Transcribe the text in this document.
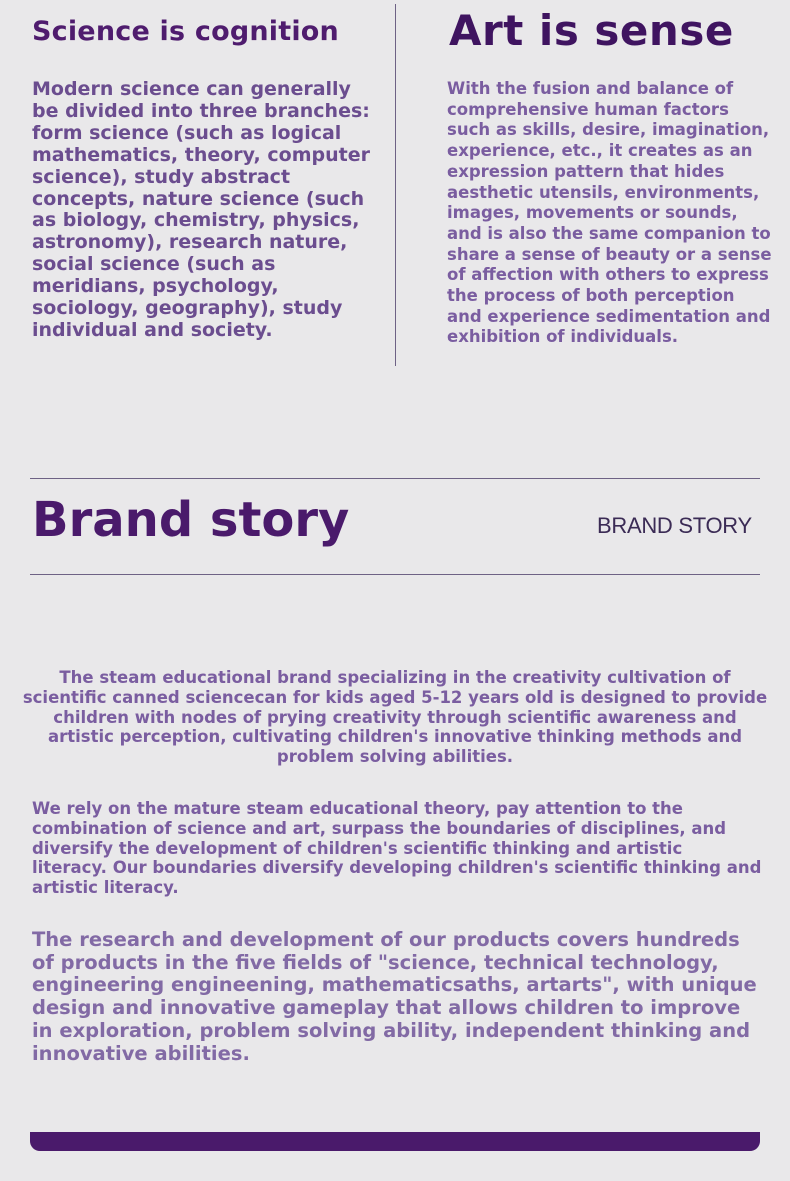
Science is cognition

Modern science can generally be divided into three branches: form science (such as logical mathematics, theory, computer science), study abstract concepts, nature science (such as biology, chemistry, physics, astronomy), research nature, social science (such as meridians, psychology, sociology, geography), study individual and society.

Art is sense

With the fusion and balance of comprehensive human factors such as skills, desire, imagination, experience, etc., it creates as an expression pattern that hides aesthetic utensils, environments, images, movements or sounds, and is also the same companion to share a sense of beauty or a sense of affection with others to express the process of both perception and experience sedimentation and exhibition of individuals.

Brand story	BRAND STORY

The steam educational brand specializing in the creativity cultivation of scientific canned sciencecan for kids aged 5-12 years old is designed to provide children with nodes of prying creativity through scientific awareness and artistic perception, cultivating children's innovative thinking methods and problem solving abilities.

We rely on the mature steam educational theory, pay attention to the combination of science and art, surpass the boundaries of disciplines, and diversify the development of children's scientific thinking and artistic literacy. Our boundaries diversify developing children's scientific thinking and artistic literacy.

The research and development of our products covers hundreds of products in the five fields of "science, technical technology, engineering engineening, mathematicsaths, artarts", with unique design and innovative gameplay that allows children to improve in exploration, problem solving ability, independent thinking and innovative abilities.
